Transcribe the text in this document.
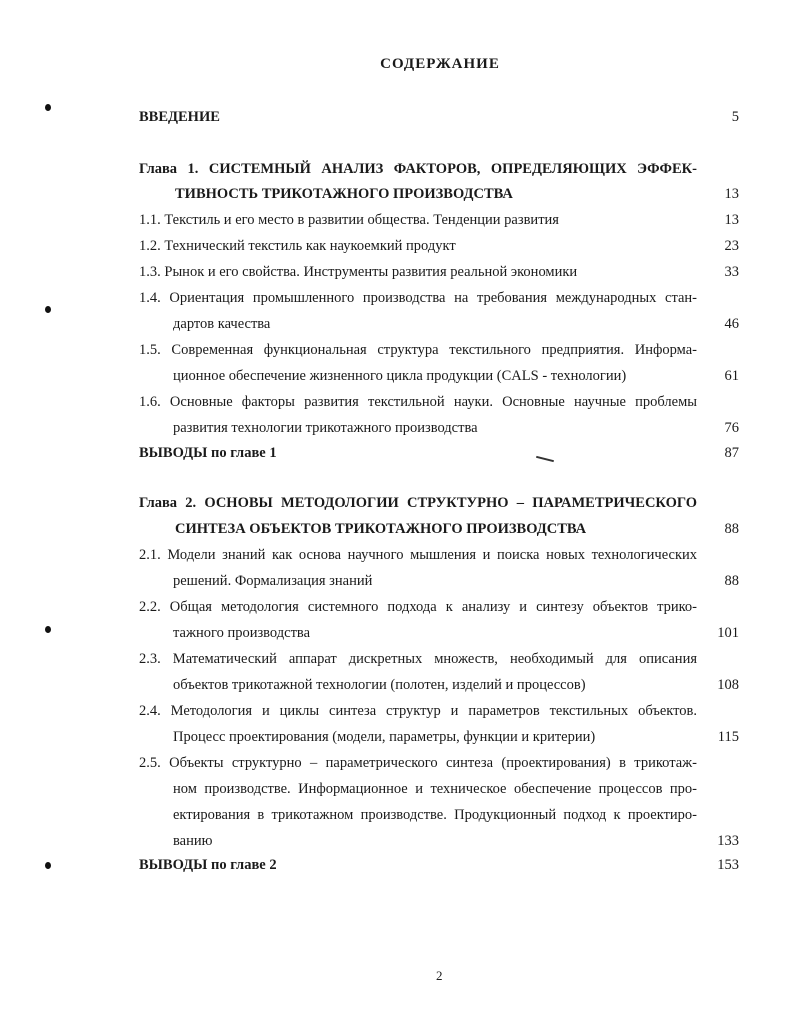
СОДЕРЖАНИЕ
ВВЕДЕНИЕ	5
Глава 1. СИСТЕМНЫЙ АНАЛИЗ ФАКТОРОВ, ОПРЕДЕЛЯЮЩИХ ЭФФЕК-
ТИВНОСТЬ ТРИКОТАЖНОГО ПРОИЗВОДСТВА	13
1.1. Текстиль и его место в развитии общества. Тенденции развития	13
1.2. Технический текстиль как наукоемкий продукт	23
1.3. Рынок и его свойства. Инструменты развития реальной экономики	33
1.4. Ориентация промышленного производства на требования международных стан-
дартов качества	46
1.5. Современная функциональная структура текстильного предприятия. Информа-
ционное обеспечение жизненного цикла продукции (CALS - технологии)	61
1.6. Основные факторы развития текстильной науки. Основные научные проблемы
развития технологии трикотажного производства	76
ВЫВОДЫ по главе 1	87
Глава 2. ОСНОВЫ МЕТОДОЛОГИИ СТРУКТУРНО – ПАРАМЕТРИЧЕСКОГО
СИНТЕЗА ОБЪЕКТОВ ТРИКОТАЖНОГО ПРОИЗВОДСТВА	88
2.1. Модели знаний как основа научного мышления и поиска новых технологических
решений. Формализация знаний	88
2.2. Общая методология системного подхода к анализу и синтезу объектов трико-
тажного производства	101
2.3. Математический аппарат дискретных множеств, необходимый для описания
объектов трикотажной технологии (полотен, изделий и процессов)	108
2.4. Методология и циклы синтеза структур и параметров текстильных объектов.
Процесс проектирования (модели, параметры, функции и критерии)	115
2.5. Объекты структурно – параметрического синтеза (проектирования) в трикотаж-
ном производстве. Информационное и техническое обеспечение процессов про-
ектирования в трикотажном производстве. Продукционный подход к проектиро-
ванию	133
ВЫВОДЫ по главе 2	153
2
